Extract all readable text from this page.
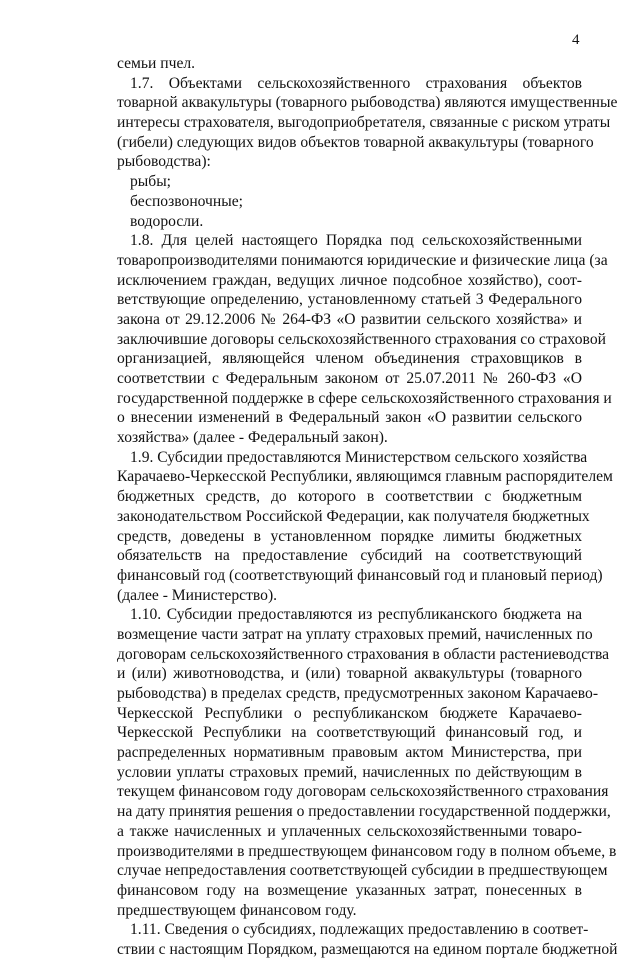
4
семьи пчел.
1.7.   Объектами   сельскохозяйственного   страхования   объектов
товарной аквакультуры (товарного рыбоводства) являются имущественные
интересы страхователя, выгодоприобретателя, связанные с риском утраты
(гибели) следующих видов объектов товарной аквакультуры (товарного
рыбоводства):
рыбы;
беспозвоночные;
водоросли.
1.8. Для целей настоящего Порядка под сельскохозяйственными
товаропроизводителями понимаются юридические и физические лица (за
исключением граждан, ведущих личное подсобное хозяйство), соот-
ветствующие определению, установленному статьей 3 Федерального
закона от 29.12.2006 № 264-ФЗ «О развитии сельского хозяйства» и
заключившие договоры сельскохозяйственного страхования со страховой
организацией, являющейся членом объединения страховщиков в
соответствии с Федеральным законом от 25.07.2011 № 260-ФЗ «О
государственной поддержке в сфере сельскохозяйственного страхования и
о внесении изменений в Федеральный закон «О развитии сельского
хозяйства» (далее - Федеральный закон).
1.9. Субсидии предоставляются Министерством сельского хозяйства
Карачаево-Черкесской Республики, являющимся главным распорядителем
бюджетных средств, до которого в соответствии с бюджетным
законодательством Российской Федерации, как получателя бюджетных
средств, доведены в установленном порядке лимиты бюджетных
обязательств на предоставление субсидий на соответствующий
финансовый год (соответствующий финансовый год и плановый период)
(далее - Министерство).
1.10. Субсидии предоставляются из республиканского бюджета на
возмещение части затрат на уплату страховых премий, начисленных по
договорам сельскохозяйственного страхования в области растениеводства
и (или) животноводства, и (или) товарной аквакультуры (товарного
рыбоводства) в пределах средств, предусмотренных законом Карачаево-
Черкесской Республики о республиканском бюджете Карачаево-
Черкесской Республики на соответствующий финансовый год, и
распределенных нормативным правовым актом Министерства, при
условии уплаты страховых премий, начисленных по действующим в
текущем финансовом году договорам сельскохозяйственного страхования
на дату принятия решения о предоставлении государственной поддержки,
а также начисленных и уплаченных сельскохозяйственными товаро-
производителями в предшествующем финансовом году в полном объеме, в
случае непредоставления соответствующей субсидии в предшествующем
финансовом году на возмещение указанных затрат, понесенных в
предшествующем финансовом году.
1.11. Сведения о субсидиях, подлежащих предоставлению в соответ-
ствии с настоящим Порядком, размещаются на едином портале бюджетной
